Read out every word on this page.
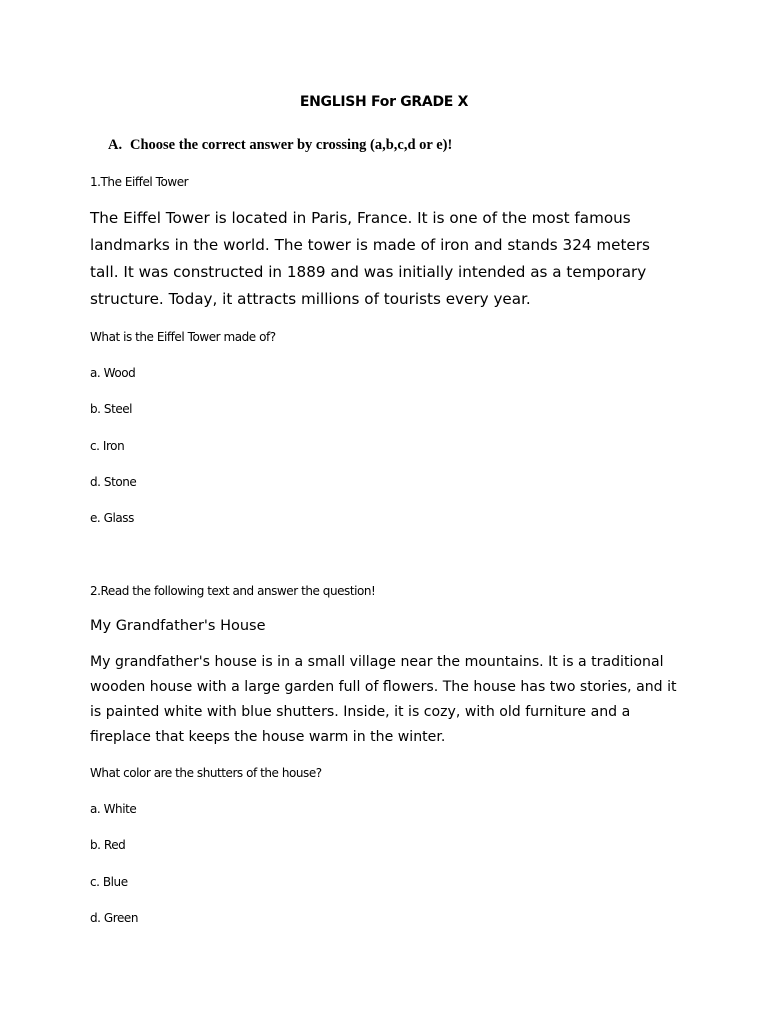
ENGLISH For GRADE X

A. Choose the correct answer by crossing (a,b,c,d or e)!

1.The Eiffel Tower

The Eiffel Tower is located in Paris, France. It is one of the most famous landmarks in the world. The tower is made of iron and stands 324 meters tall. It was constructed in 1889 and was initially intended as a temporary structure. Today, it attracts millions of tourists every year.

What is the Eiffel Tower made of?

a. Wood

b. Steel

c. Iron

d. Stone

e. Glass

2.Read the following text and answer the question!

My Grandfather's House

My grandfather's house is in a small village near the mountains. It is a traditional wooden house with a large garden full of flowers. The house has two stories, and it is painted white with blue shutters. Inside, it is cozy, with old furniture and a fireplace that keeps the house warm in the winter.

What color are the shutters of the house?

a. White

b. Red

c. Blue

d. Green
